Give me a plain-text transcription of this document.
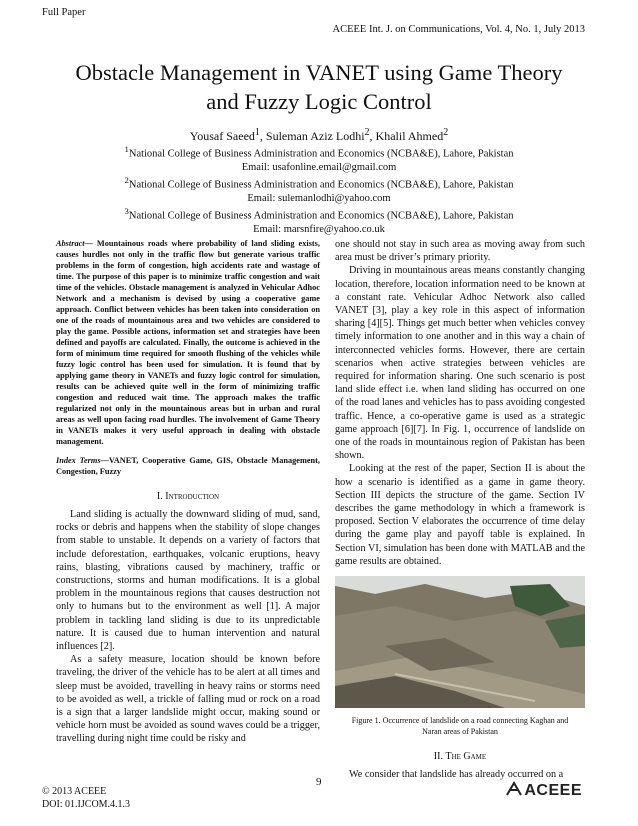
Full Paper
ACEEE Int. J. on Communications, Vol. 4, No. 1, July 2013
Obstacle Management in VANET using Game Theory
and Fuzzy Logic Control
Yousaf Saeed$^1$, Suleman Aziz Lodhi$^2$, Khalil Ahmed$^2$
$^1$National College of Business Administration and Economics (NCBA&E), Lahore, Pakistan
Email: usafonline.email@gmail.com
$^2$National College of Business Administration and Economics (NCBA&E), Lahore, Pakistan
Email: sulemanlodhi@yahoo.com
$^3$National College of Business Administration and Economics (NCBA&E), Lahore, Pakistan
Email: marsnfire@yahoo.co.uk

Abstract— Mountainous roads where probability of land sliding exists, causes hurdles not only in the traffic flow but generate various traffic problems in the form of congestion, high accidents rate and wastage of time. The purpose of this paper is to minimize traffic congestion and wait time of the vehicles. Obstacle management is analyzed in Vehicular Adhoc Network and a mechanism is devised by using a cooperative game approach. Conflict between vehicles has been taken into consideration on one of the roads of mountainous area and two vehicles are considered to play the game. Possible actions, information set and strategies have been defined and payoffs are calculated. Finally, the outcome is achieved in the form of minimum time required for smooth flushing of the vehicles while fuzzy logic control has been used for simulation. It is found that by applying game theory in VANETs and fuzzy logic control for simulation, results can be achieved quite well in the form of minimizing traffic congestion and reduced wait time. The approach makes the traffic regularized not only in the mountainous areas but in urban and rural areas as well upon facing road hurdles. The involvement of Game Theory in VANETs makes it very useful approach in dealing with obstacle management.

Index Terms—VANET, Cooperative Game, GIS, Obstacle Management, Congestion, Fuzzy

I. Introduction

Land sliding is actually the downward sliding of mud, sand, rocks or debris and happens when the stability of slope changes from stable to unstable. It depends on a variety of factors that include deforestation, earthquakes, volcanic eruptions, heavy rains, blasting, vibrations caused by machinery, traffic or constructions, storms and human modifications. It is a global problem in the mountainous regions that causes destruction not only to humans but to the environment as well [1]. A major problem in tackling land sliding is due to its unpredictable nature. It is caused due to human intervention and natural influences [2].

As a safety measure, location should be known before traveling, the driver of the vehicle has to be alert at all times and sleep must be avoided, travelling in heavy rains or storms need to be avoided as well, a trickle of falling mud or rock on a road is a sign that a larger landslide might occur, making sound or vehicle horn must be avoided as sound waves could be a trigger, travelling during night time could be risky and

one should not stay in such area as moving away from such area must be driver’s primary priority.

Driving in mountainous areas means constantly changing location, therefore, location information need to be known at a constant rate. Vehicular Adhoc Network also called VANET [3], play a key role in this aspect of information sharing [4][5]. Things get much better when vehicles convey timely information to one another and in this way a chain of interconnected vehicles forms. However, there are certain scenarios when active strategies between vehicles are required for information sharing. One such scenario is post land slide effect i.e. when land sliding has occurred on one of the road lanes and vehicles has to pass avoiding congested traffic. Hence, a co-operative game is used as a strategic game approach [6][7]. In Fig. 1, occurrence of landslide on one of the roads in mountainous region of Pakistan has been shown.

Looking at the rest of the paper, Section II is about the how a scenario is identified as a game in game theory. Section III depicts the structure of the game. Section IV describes the game methodology in which a framework is proposed. Section V elaborates the occurrence of time delay during the game play and payoff table is explained. In Section VI, simulation has been done with MATLAB and the game results are obtained.

Figure 1. Occurrence of landslide on a road connecting Kaghan and Naran areas of Pakistan
II. The Game

We consider that landslide has already occurred on a

9
© 2013 ACEEE
DOI: 01.IJCOM.4.1.3
ACEEE
